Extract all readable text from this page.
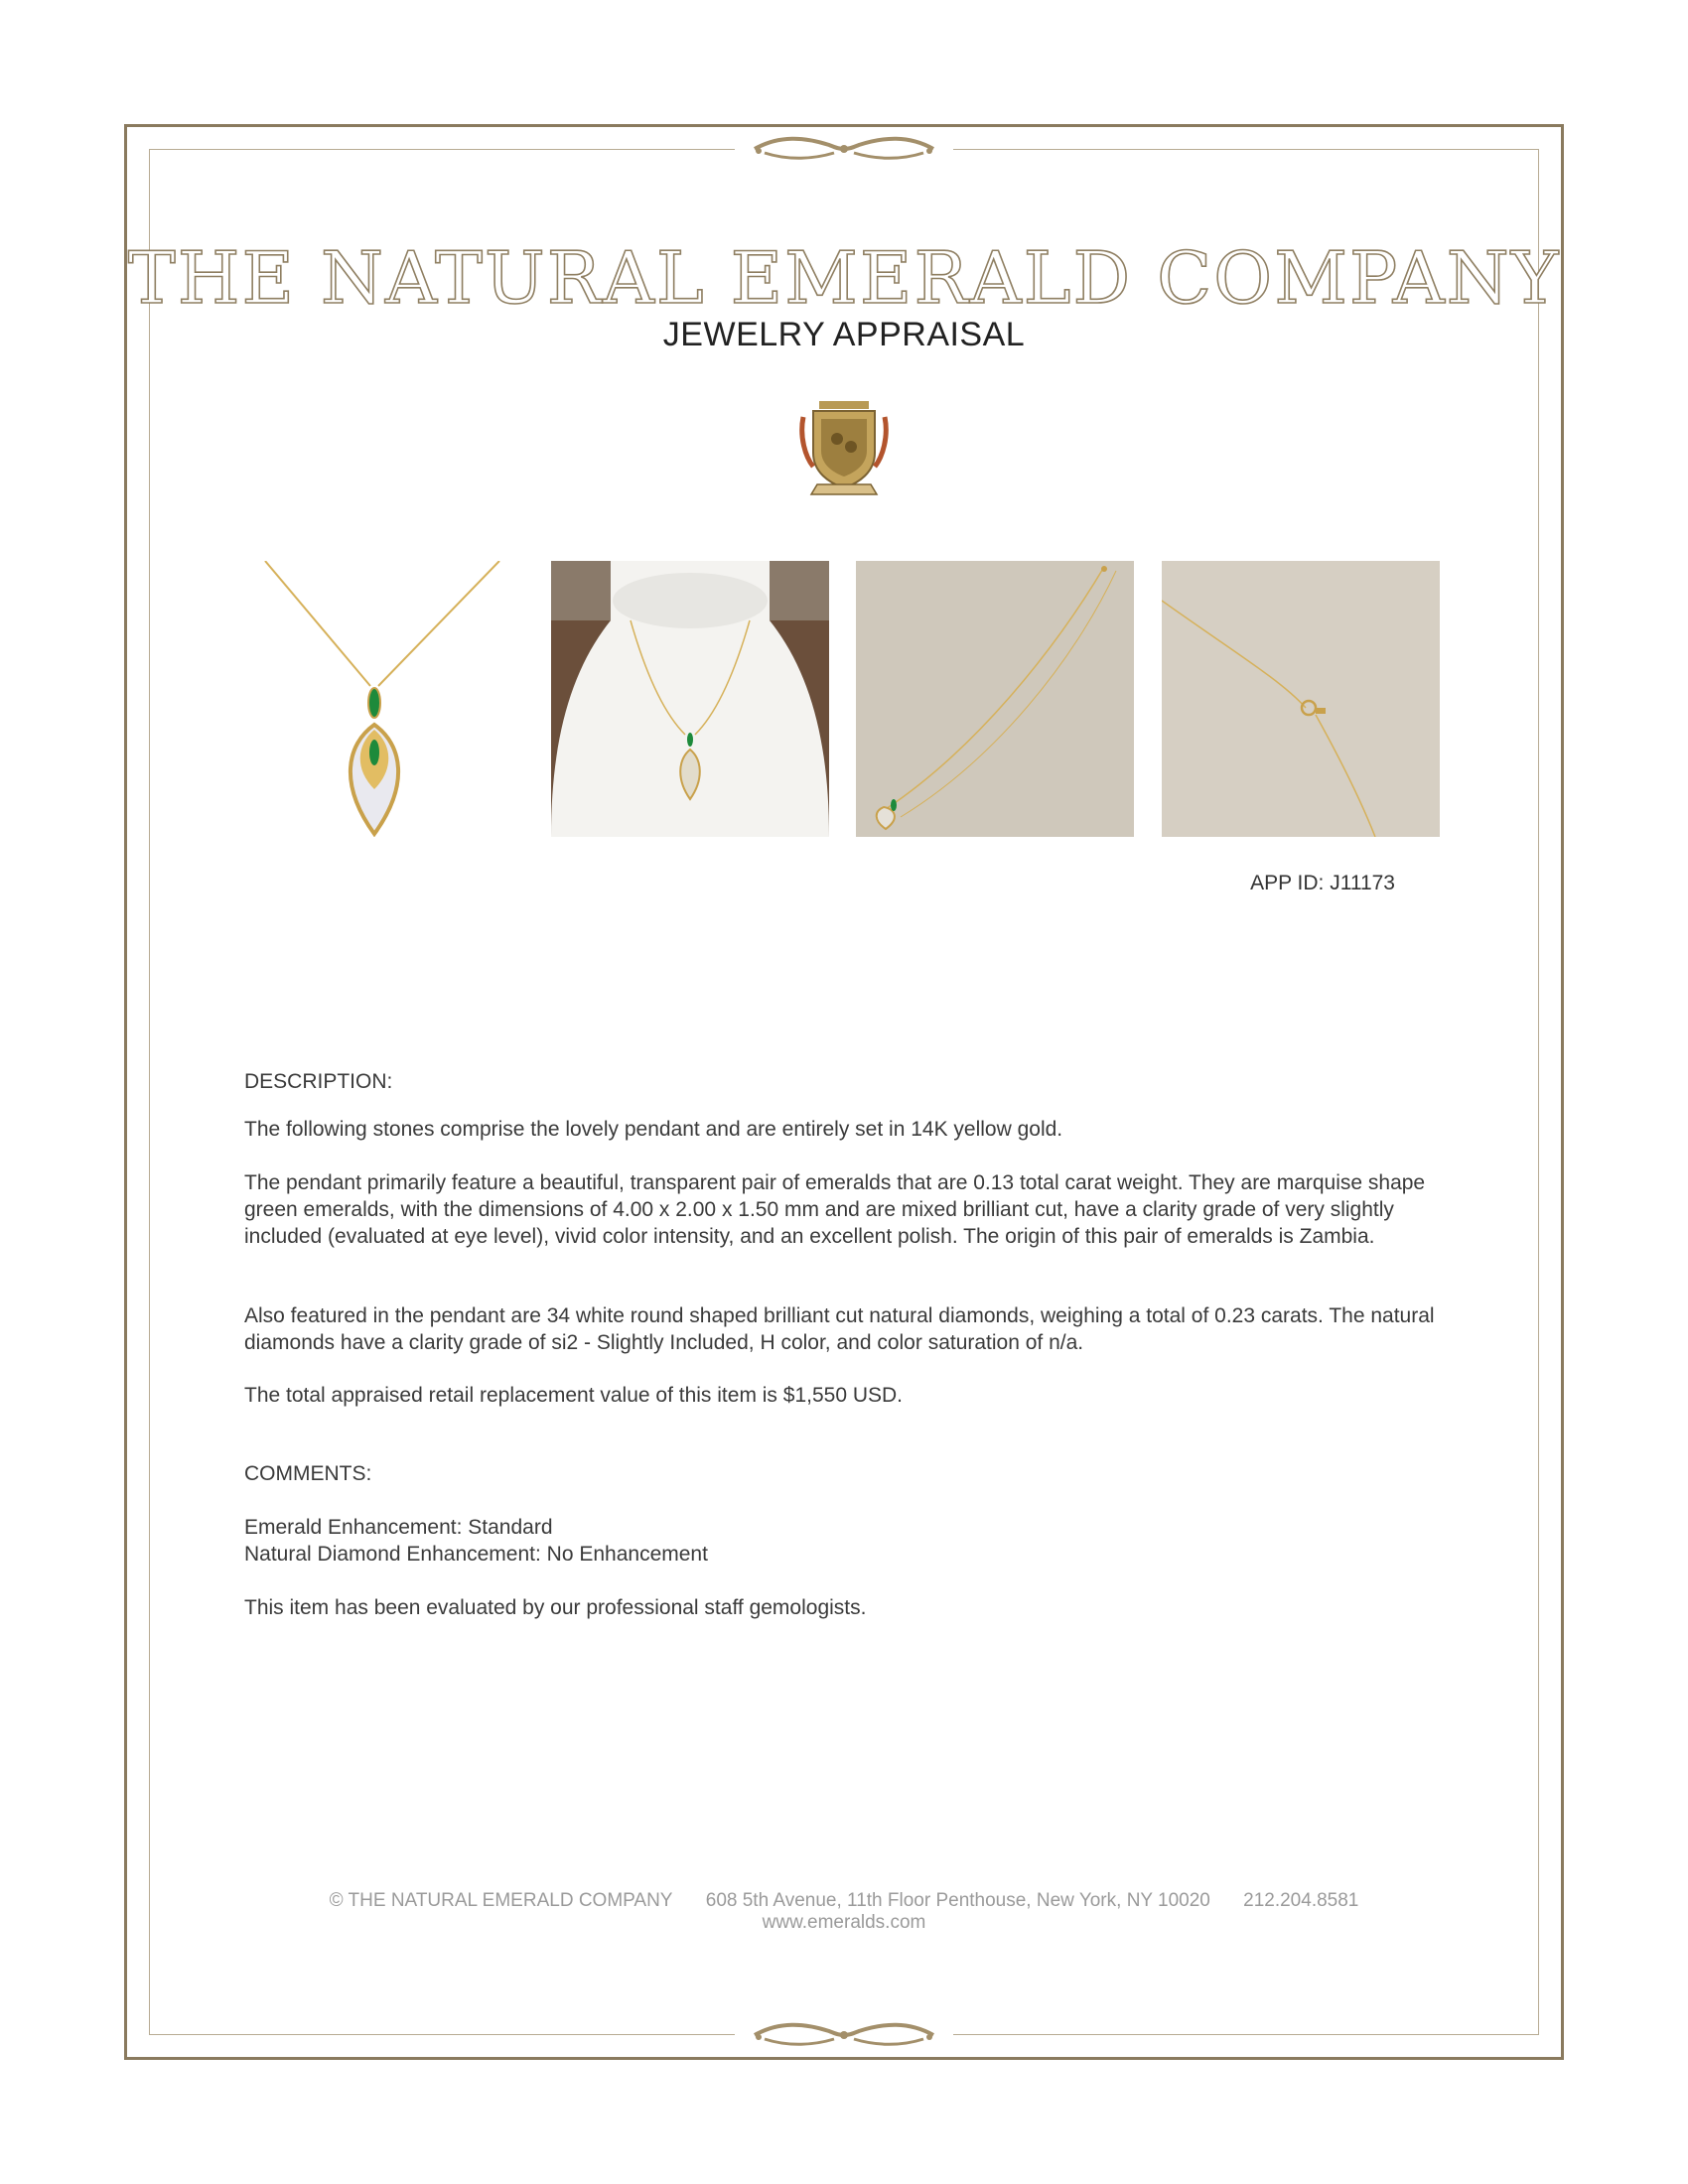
THE NATURAL EMERALD COMPANY
JEWELRY APPRAISAL
APP ID: J11173
DESCRIPTION:
The following stones comprise the lovely pendant and are entirely set in 14K yellow gold.
The pendant primarily feature a beautiful, transparent pair of emeralds that are 0.13 total carat weight. They are marquise shape green emeralds, with the dimensions of 4.00 x 2.00 x 1.50 mm and are mixed brilliant cut, have a clarity grade of very slightly included (evaluated at eye level), vivid color intensity, and an excellent polish. The origin of this pair of emeralds is Zambia.
Also featured in the pendant are 34 white round shaped brilliant cut natural diamonds, weighing a total of 0.23 carats. The natural diamonds have a clarity grade of si2 - Slightly Included, H color, and color saturation of n/a.
The total appraised retail replacement value of this item is $1,550 USD.
COMMENTS:
Emerald Enhancement: Standard
Natural Diamond Enhancement: No Enhancement
This item has been evaluated by our professional staff gemologists.
© THE NATURAL EMERALD COMPANY 608 5th Avenue, 11th Floor Penthouse, New York, NY 10020 212.204.8581
www.emeralds.com
